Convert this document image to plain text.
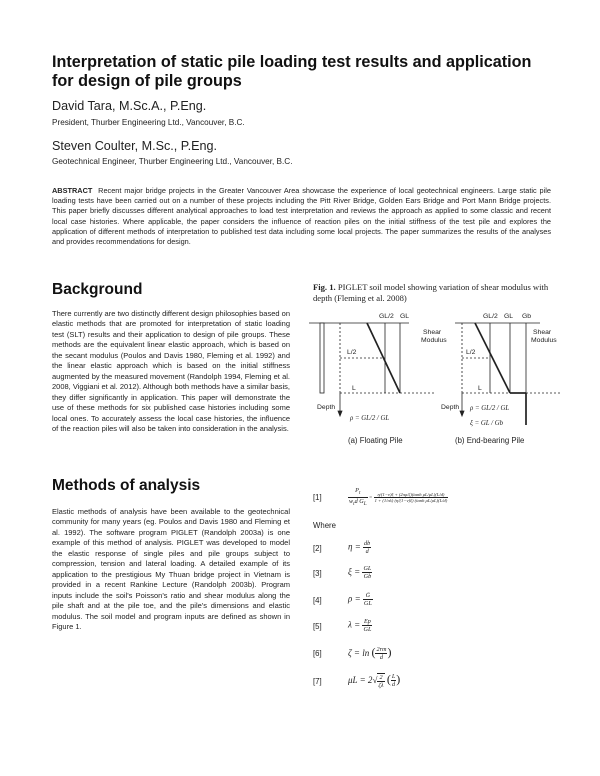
Interpretation of static pile loading test results and application for design of pile groups
David Tara, M.Sc.A., P.Eng.
President, Thurber Engineering Ltd., Vancouver, B.C.
Steven Coulter, M.Sc., P.Eng.
Geotechnical Engineer, Thurber Engineering Ltd., Vancouver, B.C.
ABSTRACT Recent major bridge projects in the Greater Vancouver Area showcase the experience of local geotechnical engineers. Large static pile loading tests have been carried out on a number of these projects including the Pitt River Bridge, Golden Ears Bridge and Port Mann Bridge projects. This paper briefly discusses different analytical approaches to load test interpretation and reviews the approach as applied to some classic and recent local case histories. Where applicable, the paper considers the influence of reaction piles on the initial stiffness of the test pile and explores the application of different methods of interpretation to published test data including some local projects. The paper summarizes the results of the analyses and provides recommendations for design.
Background
There currently are two distinctly different design philosophies based on elastic methods that are promoted for interpretation of static loading test (SLT) results and their application to design of pile groups. These methods are the equivalent linear elastic approach, which is based on the secant modulus (Poulos and Davis 1980, Fleming et al. 1992) and the linear elastic approach which is based on the initial stiffness augmented by the measured movement (Randolph 1994, Fleming et al. 2008, Viggiani et al. 2012). Although both methods have a similar basis, they differ significantly in application. This paper will demonstrate the use of these methods for six published case histories including some local ones. To accurately assess the local case histories, the influence of the reaction piles will also be taken into consideration in the analysis.
Methods of analysis
Elastic methods of analysis have been available to the geotechnical community for many years (eg. Poulos and Davis 1980 and Fleming et al. 1992). The software program PIGLET (Randolph 2003a) is one example of this method of analysis. PIGLET was developed to model the elastic response of single piles and pile groups subject to compression, tension and lateral loading. A detailed example of its application to the prestigious My Thuan bridge project in Vietnam is provided in a recent Rankine Lecture (Randolph 2003b). Program inputs include the soil's Poisson's ratio and shear modulus along the pile shaft and at the pile toe, and the pile's dimensions and elastic modulus. The soil model and program inputs are defined as shown in Figure 1.
Fig. 1. PIGLET soil model showing variation of shear modulus with depth (Fleming et al. 2008)
GL/2 GL
Shear
Modulus
L/2
L
Depth
ρ = GL/2 / GL
GL/2 GL Gb
Shear
Modulus
L/2
L
Depth ρ = GL/2 / GL
ξ = GL / Gb
(a) Floating Pile	(b) End-bearing Pile
[1]	$\frac{P_t}{w_td G_L} = \frac{\text{η/(1−ν)ξ + (2πρ/ζ)(tanh μL/μL)(L/d)}}{\text{1 + (1/πλ) (η/(1−ν)ξ) (tanh μL/μL)(L/d)}}$
Where
[2]	$\eta = \frac{db}{d}$
[3]	$\xi = \frac{GL}{Gb}$
[4]	$\rho = \frac{\text{Ḡ}}{GL}$
[5]	$\lambda = \frac{Ep}{GL}$
[6]	ζ = ln ( $\frac{2rm}{d}$ )
[7]	$\mu L = 2√ \frac{2}{\zeta\lambda}$ ( $\frac{L}{d}$ )
